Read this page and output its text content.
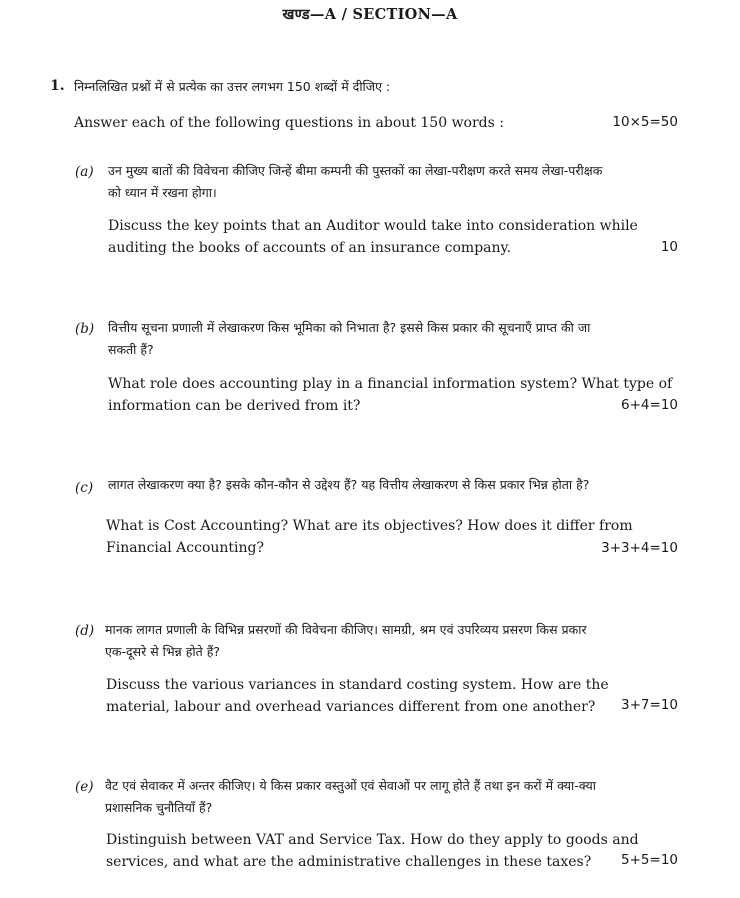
खण्ड—A / SECTION—A
1. निम्नलिखित प्रश्नों में से प्रत्येक का उत्तर लगभग 150 शब्दों में दीजिए :
Answer each of the following questions in about 150 words :	10×5=50
(a) उन मुख्य बातों की विवेचना कीजिए जिन्हें बीमा कम्पनी की पुस्तकों का लेखा-परीक्षण करते समय लेखा-परीक्षक
को ध्यान में रखना होगा।
Discuss the key points that an Auditor would take into consideration while
auditing the books of accounts of an insurance company.	10
(b) वित्तीय सूचना प्रणाली में लेखाकरण किस भूमिका को निभाता है? इससे किस प्रकार की सूचनाएँ प्राप्त की जा
सकती हैं?
What role does accounting play in a financial information system? What type of
information can be derived from it?	6+4=10
(c) लागत लेखाकरण क्या है? इसके कौन-कौन से उद्देश्य हैं? यह वित्तीय लेखाकरण से किस प्रकार भिन्न होता है?
What is Cost Accounting? What are its objectives? How does it differ from
Financial Accounting?	3+3+4=10
(d) मानक लागत प्रणाली के विभिन्न प्रसरणों की विवेचना कीजिए। सामग्री, श्रम एवं उपरिव्यय प्रसरण किस प्रकार
एक-दूसरे से भिन्न होते हैं?
Discuss the various variances in standard costing system. How are the
material, labour and overhead variances different from one another?	3+7=10
(e) वैट एवं सेवाकर में अन्तर कीजिए। ये किस प्रकार वस्तुओं एवं सेवाओं पर लागू होते हैं तथा इन करों में क्या-क्या
प्रशासनिक चुनौतियाँ हैं?
Distinguish between VAT and Service Tax. How do they apply to goods and
services, and what are the administrative challenges in these taxes?	5+5=10
